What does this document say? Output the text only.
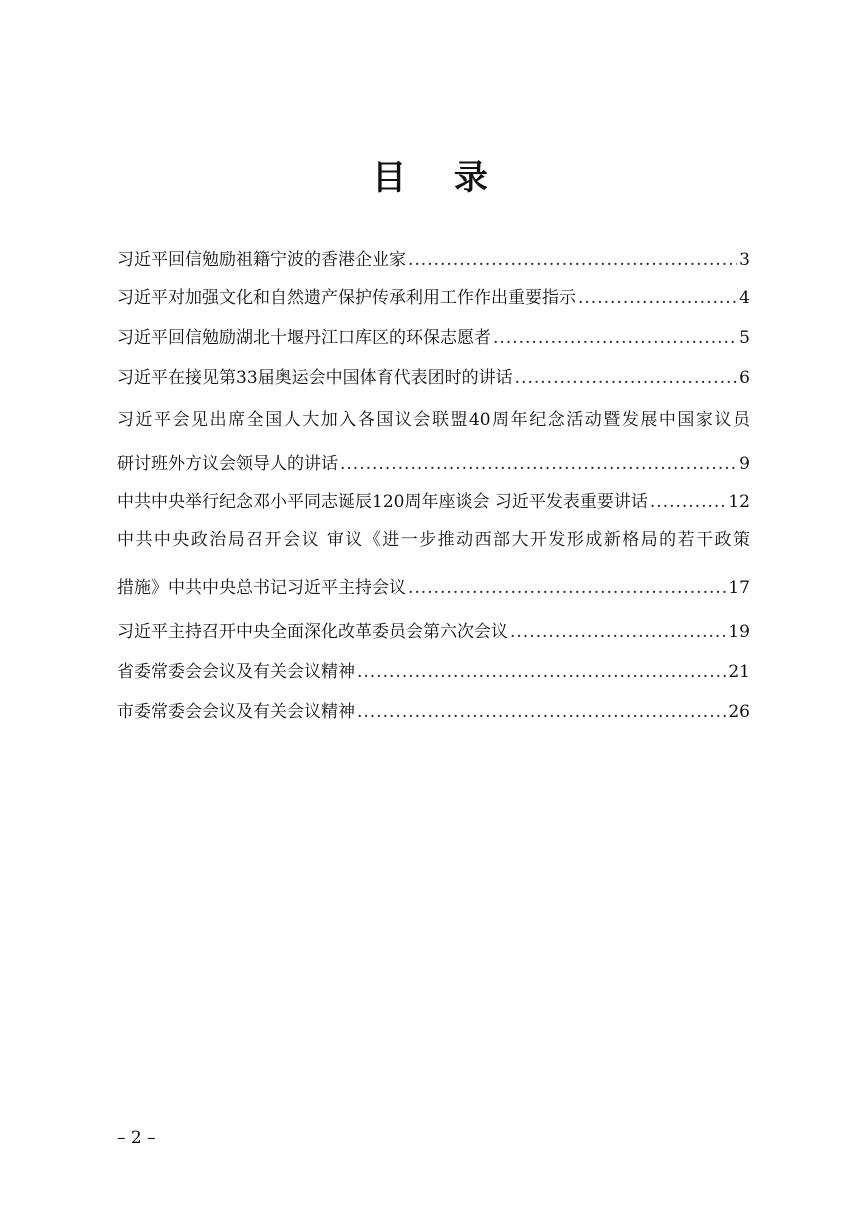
目 录
习近平回信勉励祖籍宁波的香港企业家 .....	3
习近平对加强文化和自然遗产保护传承利用工作作出重要指示 .....	4
习近平回信勉励湖北十堰丹江口库区的环保志愿者 .....	5
习近平在接见第33届奥运会中国体育代表团时的讲话 .....	6
习近平会见出席全国人大加入各国议会联盟40周年纪念活动暨发展中国家议员
研讨班外方议会领导人的讲话 .....	9
中共中央举行纪念邓小平同志诞辰120周年座谈会 习近平发表重要讲话 .....	12
中共中央政治局召开会议 审议《进一步推动西部大开发形成新格局的若干政策
措施》中共中央总书记习近平主持会议 .....	17
习近平主持召开中央全面深化改革委员会第六次会议 .....	19
省委常委会会议及有关会议精神 .....	21
市委常委会会议及有关会议精神 .....	26
– 2 –
